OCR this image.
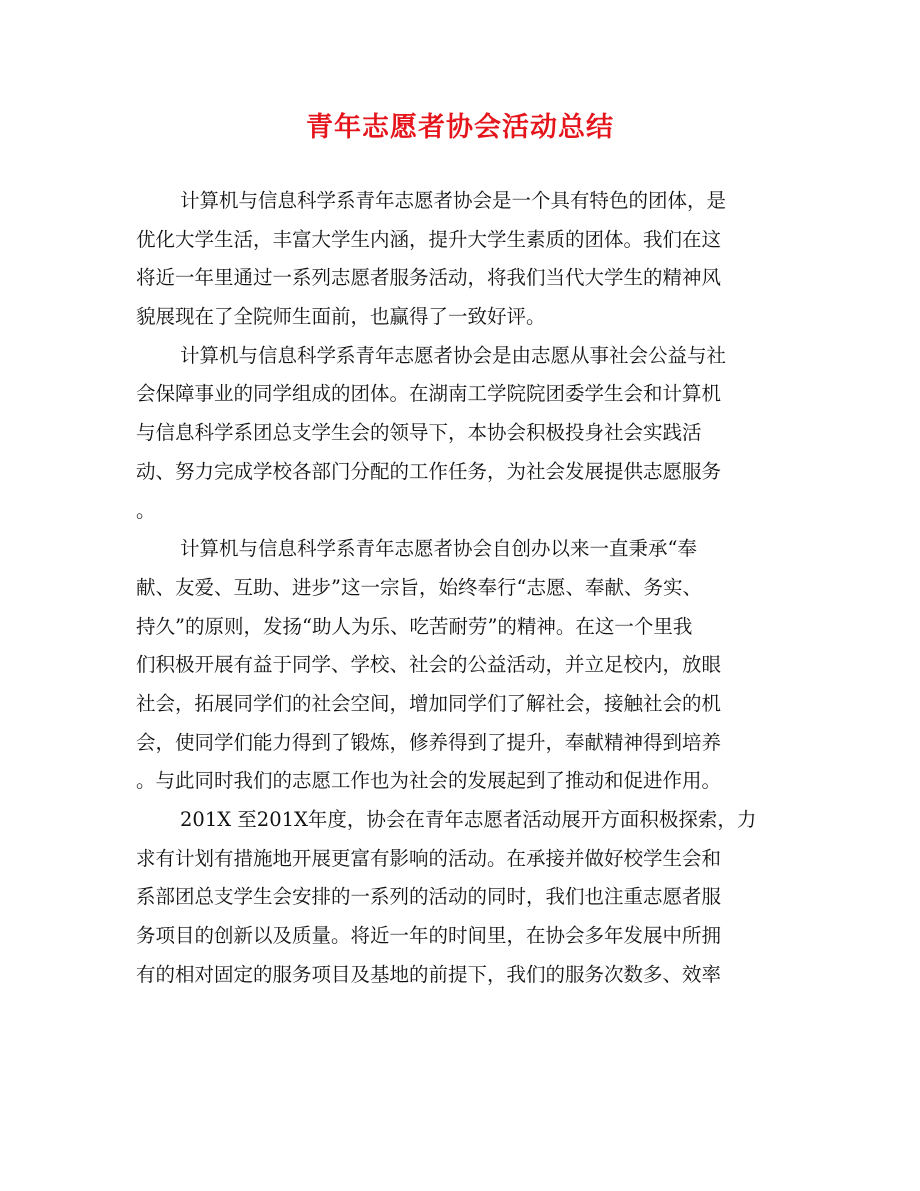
青年志愿者协会活动总结
计算机与信息科学系青年志愿者协会是一个具有特色的团体，是
优化大学生活，丰富大学生内涵，提升大学生素质的团体。我们在这
将近一年里通过一系列志愿者服务活动，将我们当代大学生的精神风
貌展现在了全院师生面前，也赢得了一致好评。
计算机与信息科学系青年志愿者协会是由志愿从事社会公益与社
会保障事业的同学组成的团体。在湖南工学院院团委学生会和计算机
与信息科学系团总支学生会的领导下，本协会积极投身社会实践活
动、努力完成学校各部门分配的工作任务，为社会发展提供志愿服务
。
计算机与信息科学系青年志愿者协会自创办以来一直秉承“奉
献、友爱、互助、进步”这一宗旨，始终奉行“志愿、奉献、务实、
持久”的原则，发扬“助人为乐、吃苦耐劳”的精神。在这一个里我
们积极开展有益于同学、学校、社会的公益活动，并立足校内，放眼
社会，拓展同学们的社会空间，增加同学们了解社会，接触社会的机
会，使同学们能力得到了锻炼，修养得到了提升，奉献精神得到培养
。与此同时我们的志愿工作也为社会的发展起到了推动和促进作用。
201X 至201X年度，协会在青年志愿者活动展开方面积极探索，力
求有计划有措施地开展更富有影响的活动。在承接并做好校学生会和
系部团总支学生会安排的一系列的活动的同时，我们也注重志愿者服
务项目的创新以及质量。将近一年的时间里，在协会多年发展中所拥
有的相对固定的服务项目及基地的前提下，我们的服务次数多、效率
